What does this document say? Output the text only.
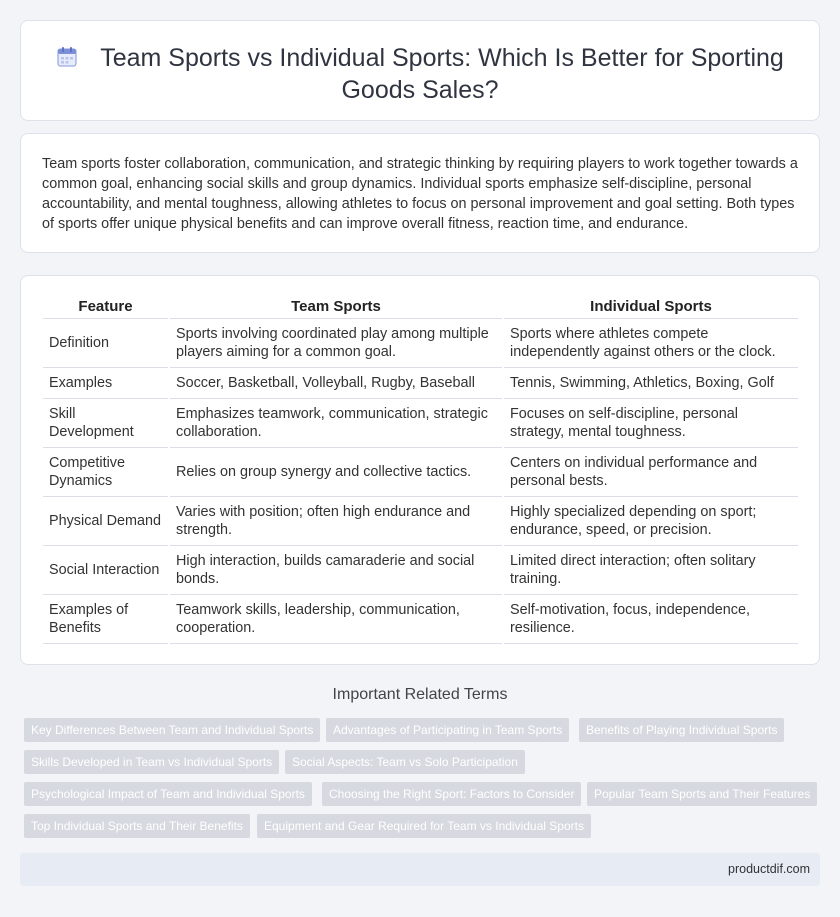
Team Sports vs Individual Sports: Which Is Better for Sporting Goods Sales?

Team sports foster collaboration, communication, and strategic thinking by requiring players to work together towards a common goal, enhancing social skills and group dynamics. Individual sports emphasize self-discipline, personal accountability, and mental toughness, allowing athletes to focus on personal improvement and goal setting. Both types of sports offer unique physical benefits and can improve overall fitness, reaction time, and endurance.

Feature	Team Sports	Individual Sports
Definition	Sports involving coordinated play among multiple players aiming for a common goal.	Sports where athletes compete independently against others or the clock.
Examples	Soccer, Basketball, Volleyball, Rugby, Baseball	Tennis, Swimming, Athletics, Boxing, Golf
Skill Development	Emphasizes teamwork, communication, strategic collaboration.	Focuses on self-discipline, personal strategy, mental toughness.
Competitive Dynamics	Relies on group synergy and collective tactics.	Centers on individual performance and personal bests.
Physical Demand	Varies with position; often high endurance and strength.	Highly specialized depending on sport; endurance, speed, or precision.
Social Interaction	High interaction, builds camaraderie and social bonds.	Limited direct interaction; often solitary training.
Examples of Benefits	Teamwork skills, leadership, communication, cooperation.	Self-motivation, focus, independence, resilience.
Important Related Terms
Key Differences Between Team and Individual Sports	Advantages of Participating in Team Sports	Benefits of Playing Individual Sports
Skills Developed in Team vs Individual Sports	Social Aspects: Team vs Solo Participation
Psychological Impact of Team and Individual Sports	Choosing the Right Sport: Factors to Consider	Popular Team Sports and Their Features
Top Individual Sports and Their Benefits	Equipment and Gear Required for Team vs Individual Sports
productdif.com
